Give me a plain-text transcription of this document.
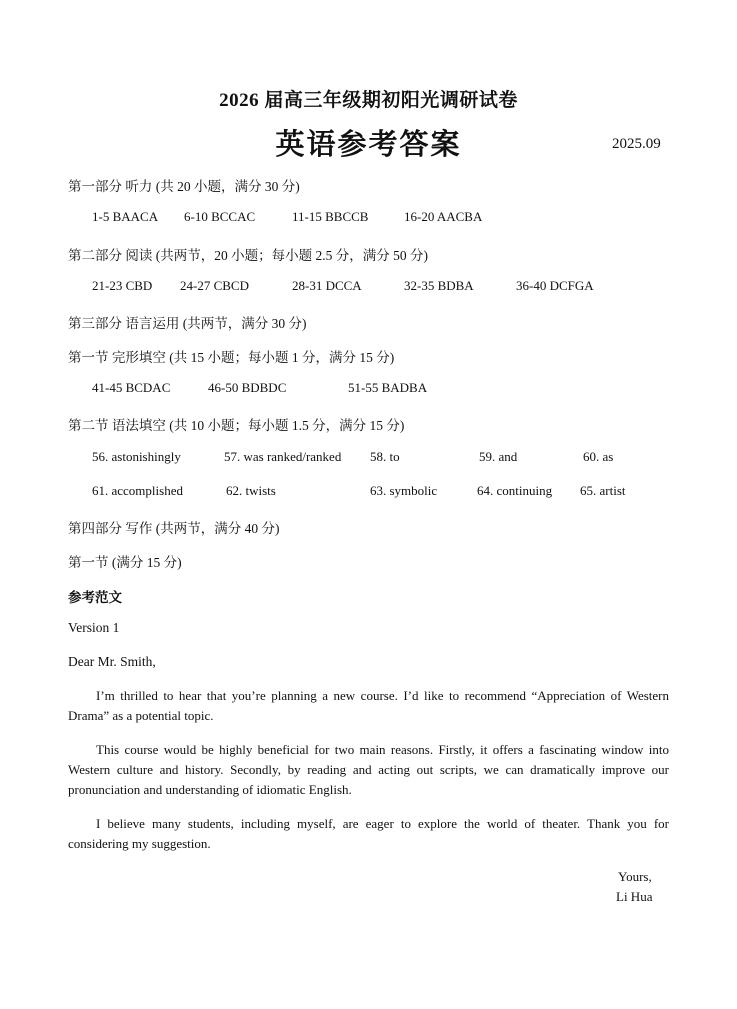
2026 届高三年级期初阳光调研试卷
英语参考答案	2025.09
第一部分 听力 (共 20 小题，满分 30 分)
1-5 BAACA 6-10 BCCAC	11-15 BBCCB	16-20 AACBA
第二部分 阅读 (共两节，20 小题；每小题 2.5 分，满分 50 分)
21-23 CBD 24-27 CBCD	28-31 DCCA	32-35 BDBA	36-40 DCFGA
第三部分 语言运用 (共两节，满分 30 分)
第一节 完形填空 (共 15 小题；每小题 1 分，满分 15 分)
41-45 BCDAC	46-50 BDBDC	51-55 BADBA
第二节 语法填空 (共 10 小题；每小题 1.5 分，满分 15 分)
56. astonishingly	57. was ranked/ranked 58. to	59. and	60. as
61. accomplished	62. twists	63. symbolic	64. continuing 65. artist
第四部分 写作 (共两节，满分 40 分)
第一节 (满分 15 分)
参考范文
Version 1
Dear Mr. Smith,
I’m thrilled to hear that you’re planning a new course. I’d like to recommend “Appreciation of Western Drama” as a potential topic.
This course would be highly beneficial for two main reasons. Firstly, it offers a fascinating window into Western culture and history. Secondly, by reading and acting out scripts, we can dramatically improve our pronunciation and understanding of idiomatic English.
I believe many students, including myself, are eager to explore the world of theater. Thank you for considering my suggestion.
Yours,
Li Hua
